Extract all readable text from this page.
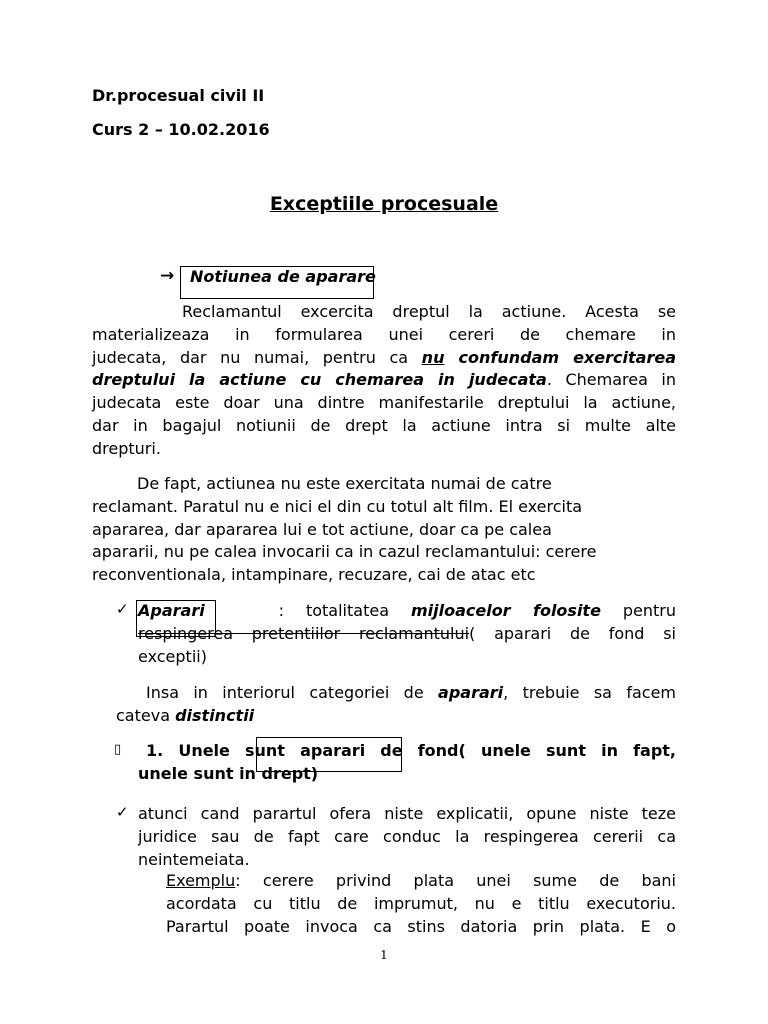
Dr.procesual civil II
Curs 2 – 10.02.2016
Exceptiile procesuale
→ Notiunea de aparare
Reclamantul excercita dreptul la actiune. Acesta se
materializeaza in formularea unei cereri de chemare in
judecata, dar nu numai, pentru ca nu confundam exercitarea
dreptului la actiune cu chemarea in judecata. Chemarea in
judecata este doar una dintre manifestarile dreptului la actiune,
dar in bagajul notiunii de drept la actiune intra si multe alte
drepturi.
De fapt, actiunea nu este exercitata numai de catre
reclamant. Paratul nu e nici el din cu totul alt film. El exercita
apararea, dar apararea lui e tot actiune, doar ca pe calea
apararii, nu pe calea invocarii ca in cazul reclamantului: cerere
reconventionala, intampinare, recuzare, cai de atac etc
✓ Aparari	: totalitatea mijloacelor folosite pentru
respingerea pretentiilor reclamantului( aparari de fond si
exceptii)
Insa in interiorul categoriei de aparari, trebuie sa facem
cateva distinctii
▯	1. Unele sunt aparari de fond( unele sunt in fapt,
unele sunt in drept)
✓ atunci cand parartul ofera niste explicatii, opune niste teze
juridice sau de fapt care conduc la respingerea cererii ca
neintemeiata.
Exemplu: cerere privind plata unei sume de bani
acordata cu titlu de imprumut, nu e titlu executoriu.
Parartul poate invoca ca stins datoria prin plata. E o
1
